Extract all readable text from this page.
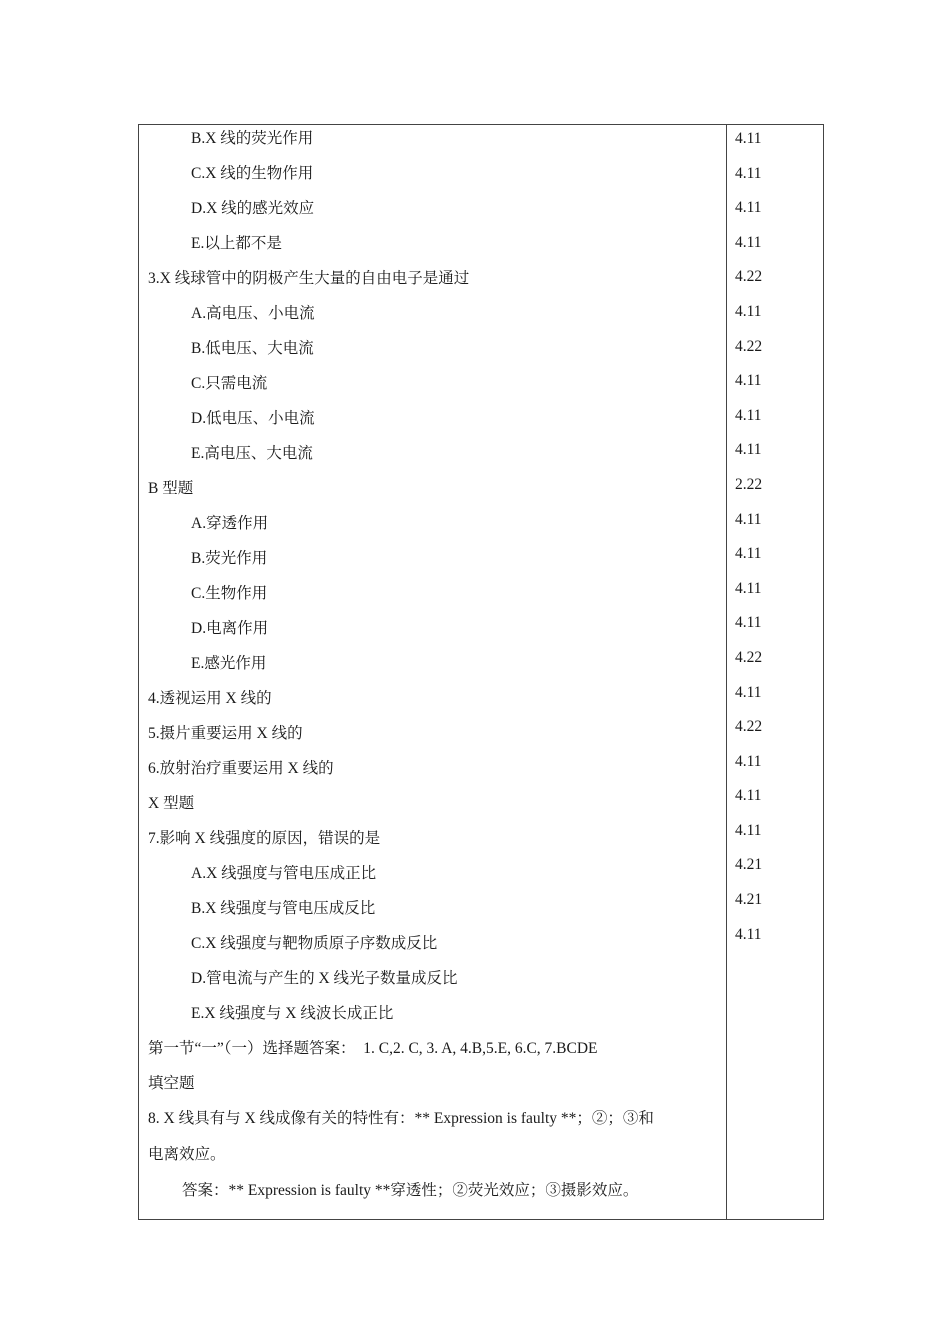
B.X 线的荧光作用
C.X 线的生物作用
D.X 线的感光效应
E.以上都不是
3.X 线球管中的阴极产生大量的自由电子是通过
A.高电压、小电流
B.低电压、大电流
C.只需电流
D.低电压、小电流
E.高电压、大电流
B 型题
A.穿透作用
B.荧光作用
C.生物作用
D.电离作用
E.感光作用
4.透视运用 X 线的
5.摄片重要运用 X 线的
6.放射治疗重要运用 X 线的
X 型题
7.影响 X 线强度的原因，错误的是
A.X 线强度与管电压成正比
B.X 线强度与管电压成反比
C.X 线强度与靶物质原子序数成反比
D.管电流与产生的 X 线光子数量成反比
E.X 线强度与 X 线波长成正比
第一节“一”（一）选择题答案：　1. C,2. C, 3. A, 4.B,5.E, 6.C, 7.BCDE
填空题
8. X 线具有与 X 线成像有关的特性有：** Expression is faulty **；②；③和
电离效应。
答案：** Expression is faulty **穿透性；②荧光效应；③摄影效应。
4.11
4.11
4.11
4.11
4.22
4.11
4.22
4.11
4.11
4.11
2.22
4.11
4.11
4.11
4.11
4.22
4.11
4.22
4.11
4.11
4.11
4.21
4.21
4.11
